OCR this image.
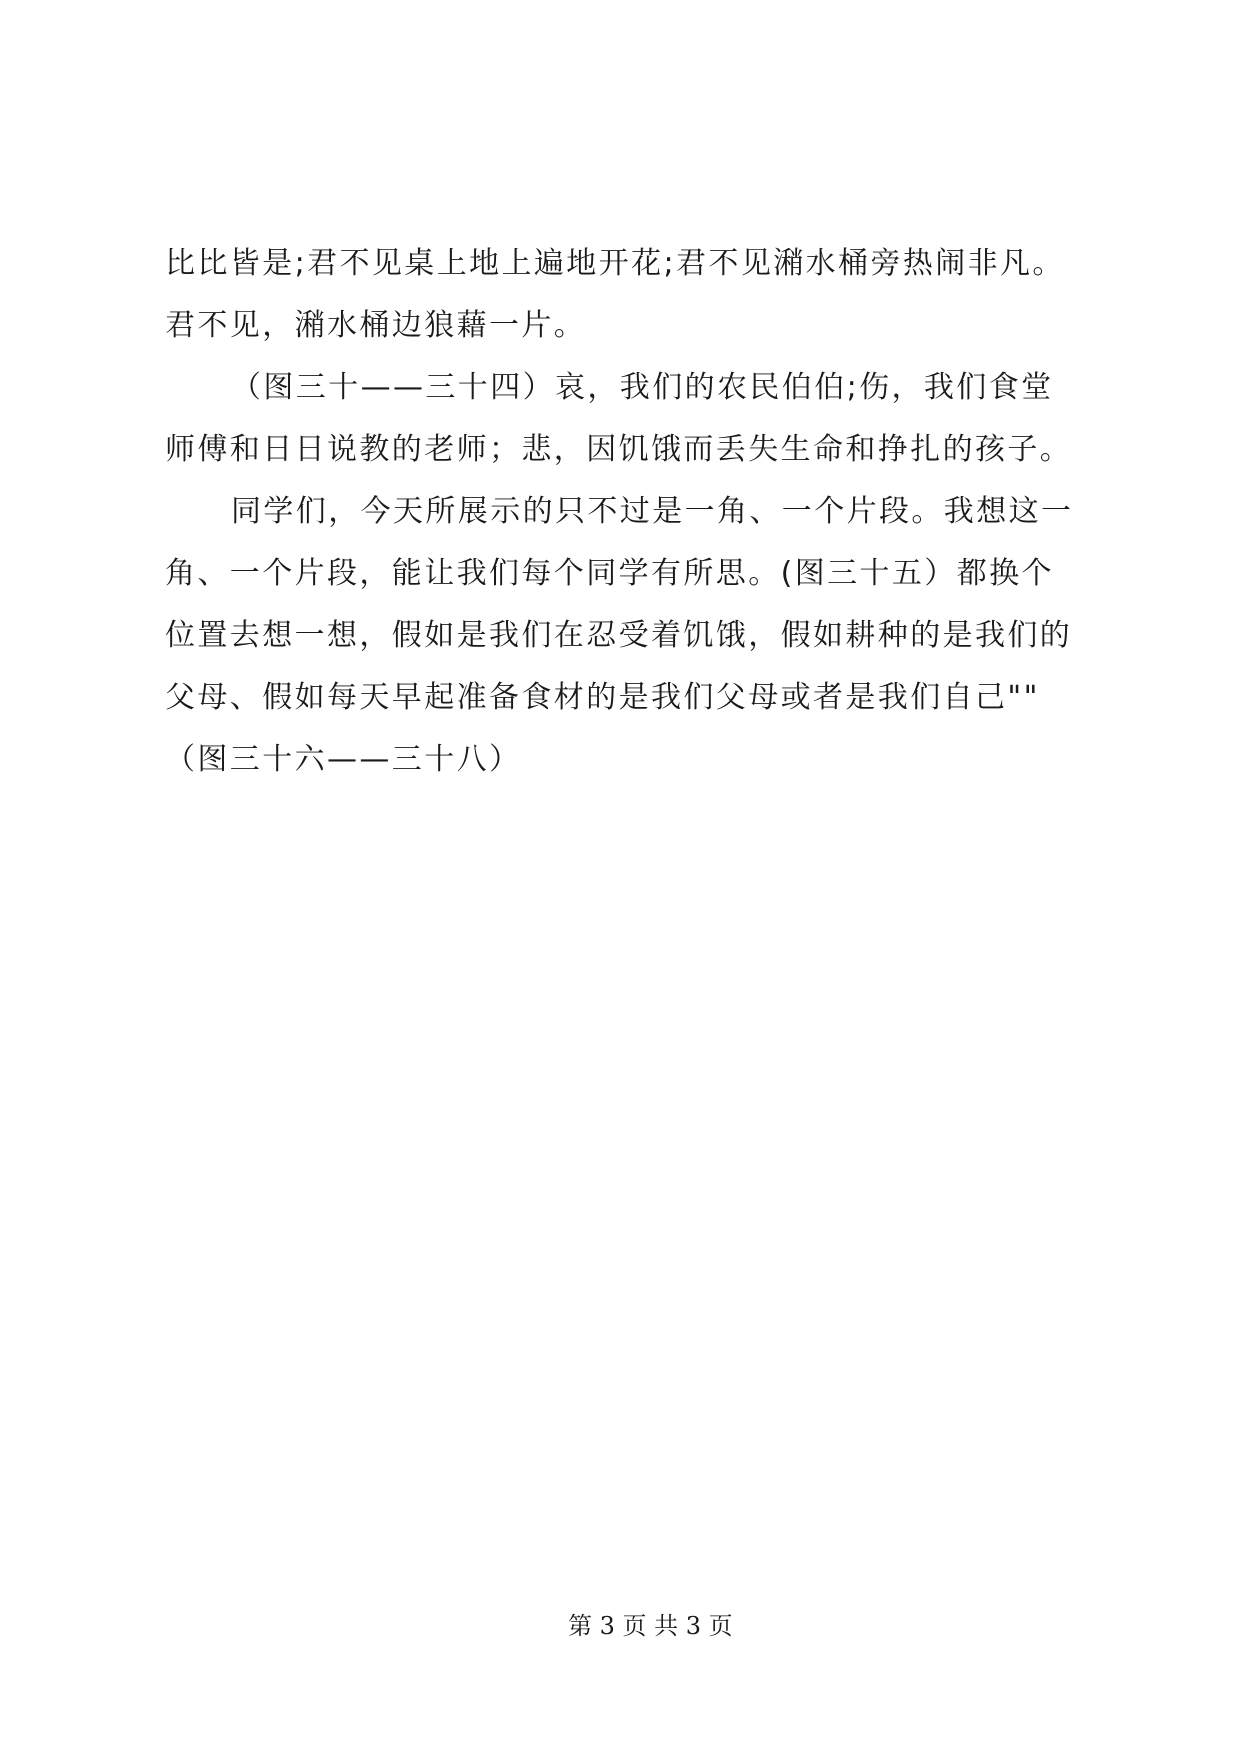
比比皆是;君不见桌上地上遍地开花;君不见潲水桶旁热闹非凡。
君不见，潲水桶边狼藉一片。
（图三十——三十四）哀，我们的农民伯伯;伤，我们食堂
师傅和日日说教的老师；悲，因饥饿而丢失生命和挣扎的孩子。
同学们，今天所展示的只不过是一角、一个片段。我想这一
角、一个片段，能让我们每个同学有所思。(图三十五）都换个
位置去想一想，假如是我们在忍受着饥饿，假如耕种的是我们的
父母、假如每天早起准备食材的是我们父母或者是我们自己""
（图三十六——三十八）
第 3 页 共 3 页
